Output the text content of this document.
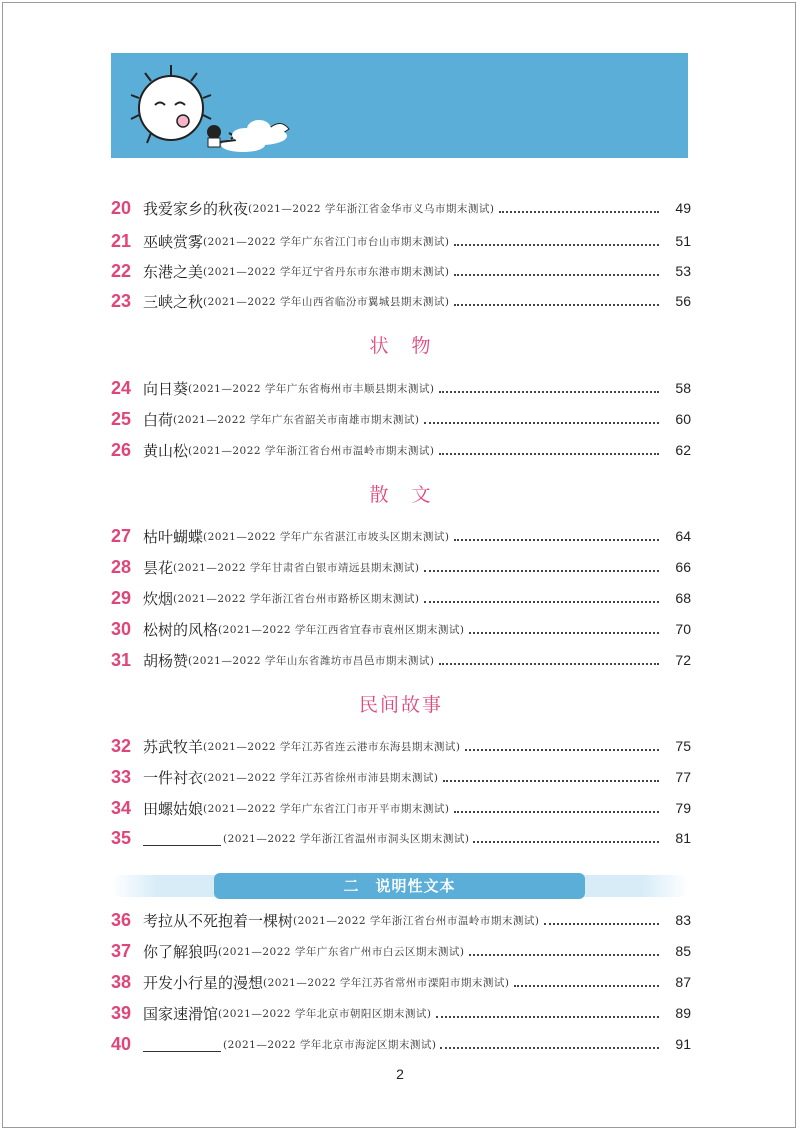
20 我爱家乡的秋夜 (2021—2022 学年浙江省金华市义乌市期末测试)	49
21 巫峡赏雾 (2021—2022 学年广东省江门市台山市期末测试)	51
22 东港之美 (2021—2022 学年辽宁省丹东市东港市期末测试)	53
23 三峡之秋 (2021—2022 学年山西省临汾市翼城县期末测试)	56
状　物
24 向日葵 (2021—2022 学年广东省梅州市丰顺县期末测试)	58
25 白荷 (2021—2022 学年广东省韶关市南雄市期末测试)	60
26 黄山松 (2021—2022 学年浙江省台州市温岭市期末测试)	62
散　文
27 枯叶蝴蝶 (2021—2022 学年广东省湛江市坡头区期末测试)	64
28 昙花 (2021—2022 学年甘肃省白银市靖远县期末测试)	66
29 炊烟 (2021—2022 学年浙江省台州市路桥区期末测试)	68
30 松树的风格 (2021—2022 学年江西省宜春市袁州区期末测试)	70
31 胡杨赞 (2021—2022 学年山东省潍坊市昌邑市期末测试)	72
民间故事
32 苏武牧羊 (2021—2022 学年江苏省连云港市东海县期末测试)	75
33 一件衬衣 (2021—2022 学年江苏省徐州市沛县期末测试)	77
34 田螺姑娘 (2021—2022 学年广东省江门市开平市期末测试)	79
35	(2021—2022 学年浙江省温州市洞头区期末测试)	81
二　说明性文本
36 考拉从不死抱着一棵树 (2021—2022 学年浙江省台州市温岭市期末测试)	83
37 你了解狼吗 (2021—2022 学年广东省广州市白云区期末测试)	85
38 开发小行星的漫想 (2021—2022 学年江苏省常州市溧阳市期末测试)	87
39 国家速滑馆 (2021—2022 学年北京市朝阳区期末测试)	89
40	(2021—2022 学年北京市海淀区期末测试)	91
2
